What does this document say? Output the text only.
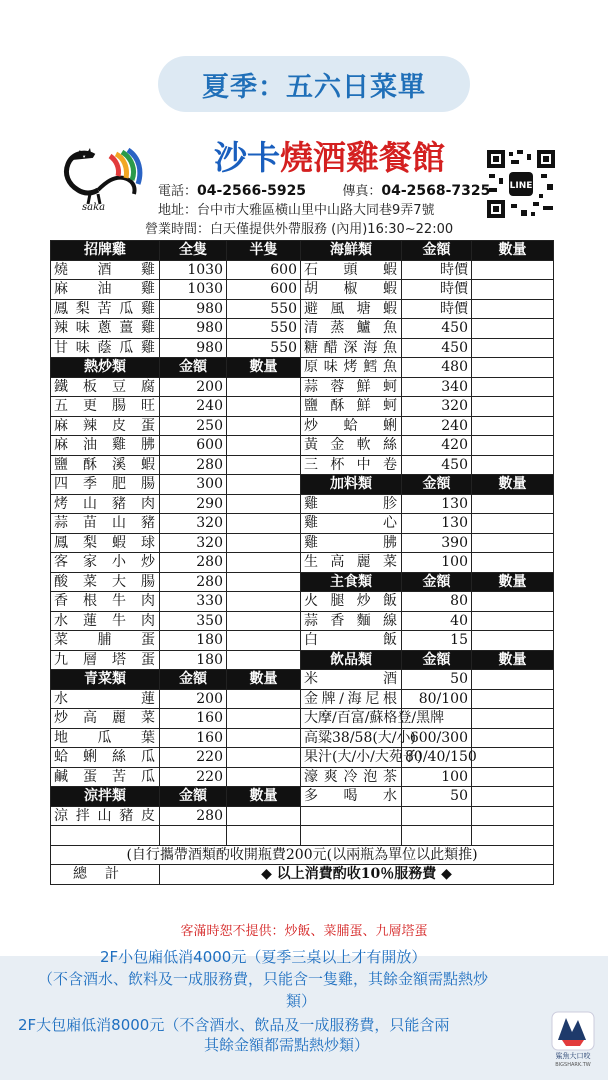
夏季：五六日菜單
saka
沙卡燒酒雞餐館
LINE
電話：04-2566-5925	傳真：04-2568-7325
地址：台中市大雅區橫山里中山路大同巷9弄7號
營業時間：白天僅提供外帶服務 (內用)16:30~22:00
招牌雞	全隻	半隻	海鮮類	金額	數量
燒酒雞	1030	600	石頭蝦	時價	
麻油雞	1030	600	胡椒蝦	時價	
鳳梨苦瓜雞	980	550	避風塘蝦	時價	
辣味蔥薑雞	980	550	清蒸鱸魚	450	
甘味蔭瓜雞	980	550	糖醋深海魚	450	
熱炒類	金額	數量	原味烤鱈魚	480	
鐵板豆腐	200		蒜蓉鮮蚵	340	
五更腸旺	240		鹽酥鮮蚵	320	
麻辣皮蛋	250		炒蛤蜊	240	
麻油雞胇	600		黃金軟絲	420	
鹽酥溪蝦	280		三杯中卷	450	
四季肥腸	300		加料類	金額	數量
烤山豬肉	290		雞胗	130	
蒜苗山豬	320		雞心	130	
鳳梨蝦球	320		雞胇	390	
客家小炒	280		生高麗菜	100	
酸菜大腸	280		主食類	金額	數量
香根牛肉	330		火腿炒飯	80	
水蓮牛肉	350		蒜香麵線	40	
菜脯蛋	180		白飯	15	
九層塔蛋	180		飲品類	金額	數量
青菜類	金額	數量	米酒	50	
水蓮	200		金牌/海尼根	80/100	
炒高麗菜	160		大摩/百富/蘇格登/黑牌		
地瓜葉	160		高粱38/58(大/小)	600/300	
蛤蜊絲瓜	220		果汁(大/小/大苑子)	80/40/150	
鹹蛋苦瓜	220		濠爽冷泡茶	100	
涼拌類	金額	數量	多喝水	50	
涼拌山豬皮	280				

(自行攜帶酒類酌收開瓶費200元(以兩瓶為單位以此類推)					
總計	◆ 以上消費酌收10％服務費 ◆				
客滿時恕不提供：炒飯、菜脯蛋、九層塔蛋
2F小包廂低消4000元（夏季三桌以上才有開放）
（不含酒水、飲料及一成服務費，只能含一隻雞，其餘金額需點熱炒
類）
2F大包廂低消8000元（不含酒水、飲品及一成服務費，只能含兩
其餘金額都需點熱炒類）
鯊魚大口咬
BIGSHARK.TW
